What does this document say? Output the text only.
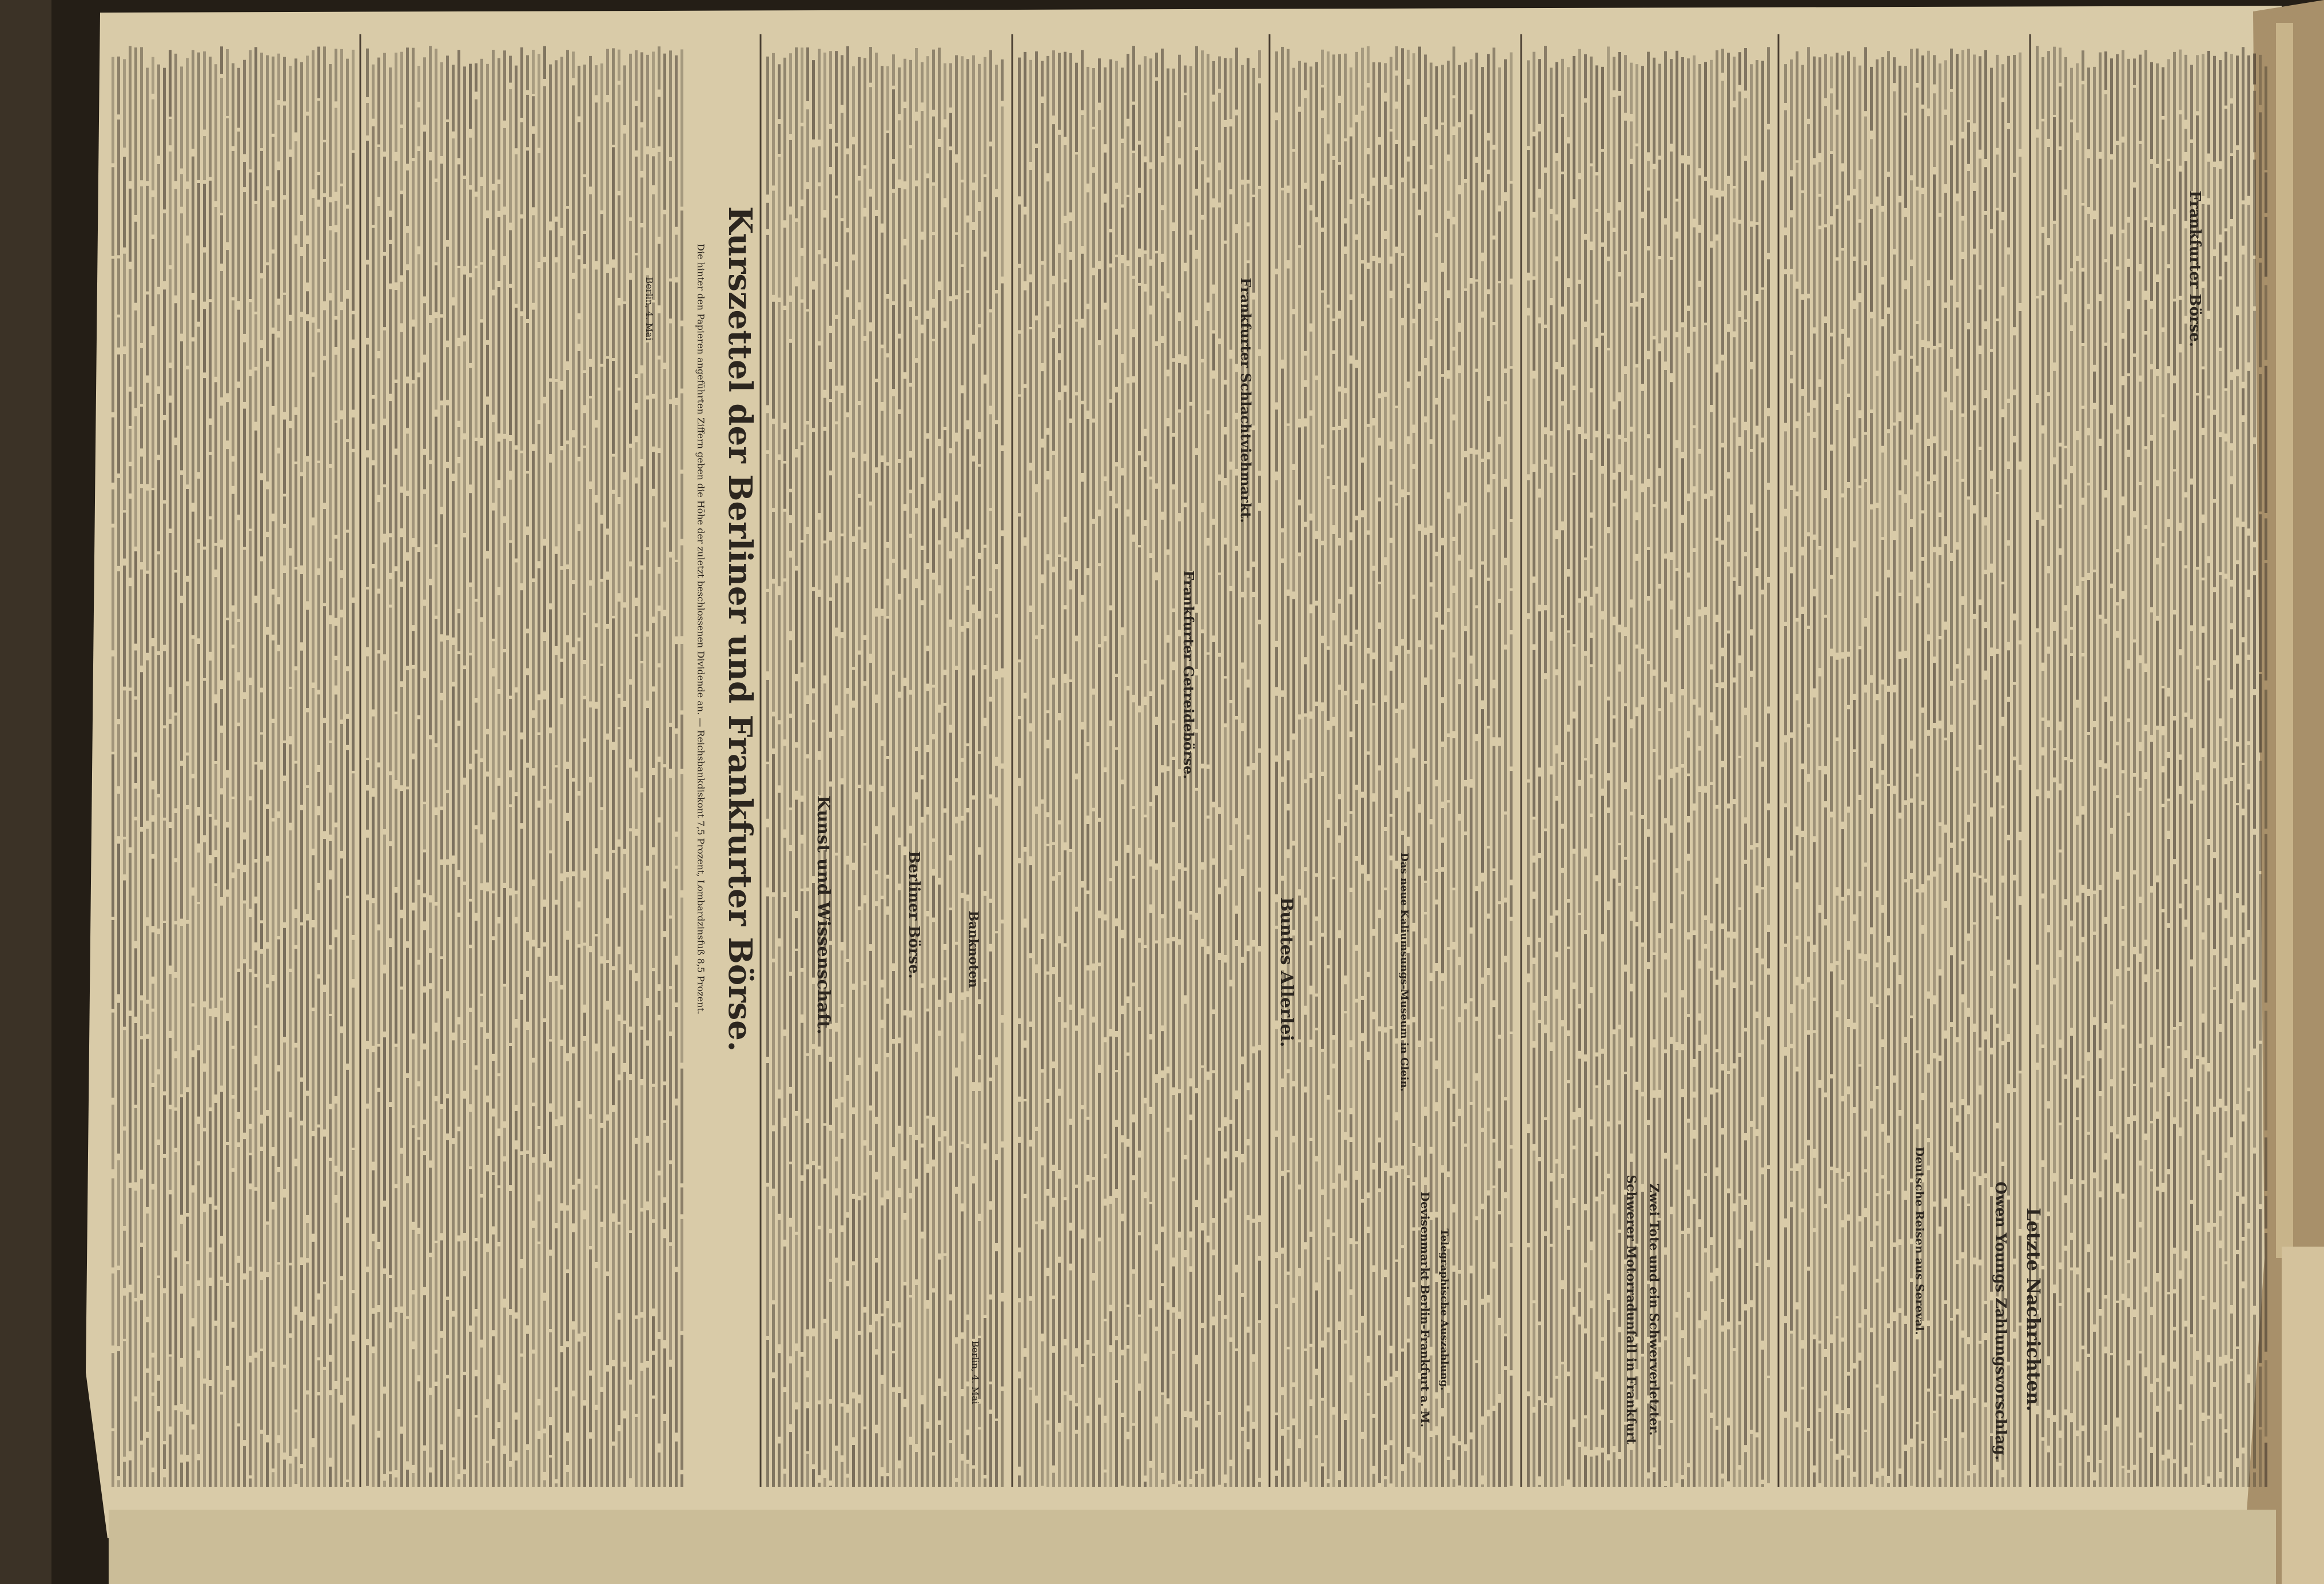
Kurszettel der Berliner und Frankfurter Börse.
Die hinter den Papieren angeführten Ziffern geben die Höhe der zuletzt beschlossenen Dividende an. — Reichsbankdiskont 7,5 Prozent, Lombardzinsfuß 8,5 Prozent.
Letzte Nachrichten.
Owen Youngs Zahlungsvorschlag.
Frankfurter Börse.
Berliner Börse.
Frankfurter Getreidebörse.
Frankfurter Schlachtviehmarkt.
Kunst und Wissenschaft.	Buntes Allerlei.
Schwerer Motorradunfall in Frankfurt Zwei Tote und ein Schwerverletzter.	Deutsche Reisen aus Sereval.
Das neue Kaliumsungs-Museum in Glein.
Banknoten
Devisenmarkt Berlin-Frankfurt a. M. Telegraphische Auszahlung.
Berlin, 4. Mai
Berlin, 4. Mai
